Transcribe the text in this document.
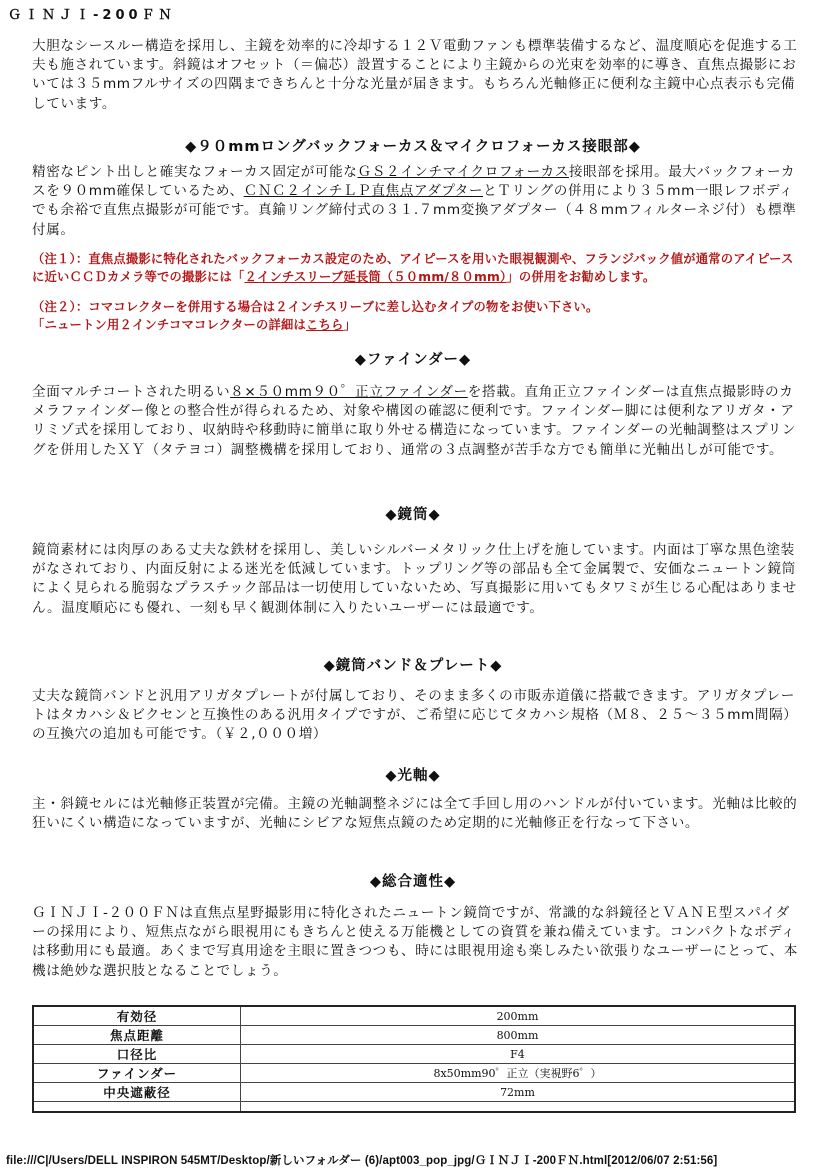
ＧＩＮＪＩ-200ＦＮ
大胆なシースルー構造を採用し、主鏡を効率的に冷却する１２Ｖ電動ファンも標準装備するなど、温度順応を促進する工夫も施されています。斜鏡はオフセット（＝偏芯）設置することにより主鏡からの光束を効率的に導き、直焦点撮影においては３５mmフルサイズの四隅まできちんと十分な光量が届きます。もちろん光軸修正に便利な主鏡中心点表示も完備しています。
◆９０mmロングバックフォーカス＆マイクロフォーカス接眼部◆
精密なピント出しと確実なフォーカス固定が可能なＧＳ２インチマイクロフォーカス接眼部を採用。最大バックフォーカスを９０mm確保しているため、ＣＮＣ２インチＬＰ直焦点アダプターとＴリングの併用により３５mm一眼レフボディでも余裕で直焦点撮影が可能です。真鍮リング締付式の３１.７mm変換アダプター（４８mmフィルターネジ付）も標準付属。
（注１）：直焦点撮影に特化されたバックフォーカス設定のため、アイピースを用いた眼視観測や、フランジバック値が通常のアイピースに近いＣＣＤカメラ等での撮影には「２インチスリーブ延長筒（５０mm/８０mm）」の併用をお勧めします。
（注２）：コマコレクターを併用する場合は２インチスリーブに差し込むタイプの物をお使い下さい。
「ニュートン用２インチコマコレクターの詳細はこちら」
◆ファインダー◆
全面マルチコートされた明るい８×５０mm９０゜正立ファインダーを搭載。直角正立ファインダーは直焦点撮影時のカメラファインダー像との整合性が得られるため、対象や構図の確認に便利です。ファインダー脚には便利なアリガタ・アリミゾ式を採用しており、収納時や移動時に簡単に取り外せる構造になっています。ファインダーの光軸調整はスプリングを併用したＸＹ（タテヨコ）調整機構を採用しており、通常の３点調整が苦手な方でも簡単に光軸出しが可能です。
◆鏡筒◆
鏡筒素材には肉厚のある丈夫な鉄材を採用し、美しいシルバーメタリック仕上げを施しています。内面は丁寧な黒色塗装がなされており、内面反射による迷光を低減しています。トップリング等の部品も全て金属製で、安価なニュートン鏡筒によく見られる脆弱なプラスチック部品は一切使用していないため、写真撮影に用いてもタワミが生じる心配はありません。温度順応にも優れ、一刻も早く観測体制に入りたいユーザーには最適です。
◆鏡筒バンド＆プレート◆
丈夫な鏡筒バンドと汎用アリガタプレートが付属しており、そのまま多くの市販赤道儀に搭載できます。アリガタプレートはタカハシ＆ビクセンと互換性のある汎用タイプですが、ご希望に応じてタカハシ規格（Ｍ８、２５～３５mm間隔）の互換穴の追加も可能です。（￥２,０００増）
◆光軸◆
主・斜鏡セルには光軸修正装置が完備。主鏡の光軸調整ネジには全て手回し用のハンドルが付いています。光軸は比較的狂いにくい構造になっていますが、光軸にシビアな短焦点鏡のため定期的に光軸修正を行なって下さい。
◆総合適性◆
ＧＩＮＪＩ-２００ＦＮは直焦点星野撮影用に特化されたニュートン鏡筒ですが、常識的な斜鏡径とＶＡＮＥ型スパイダーの採用により、短焦点ながら眼視用にもきちんと使える万能機としての資質を兼ね備えています。コンパクトなボディは移動用にも最適。あくまで写真用途を主眼に置きつつも、時には眼視用途も楽しみたい欲張りなユーザーにとって、本機は絶妙な選択肢となることでしょう。
有効径	200mm
焦点距離	800mm
口径比	F4
ファインダー	8x50mm90゜正立（実視野6゜）
中央遮蔽径	72mm

file:///C|/Users/DELL INSPIRON 545MT/Desktop/新しいフォルダー (6)/apt003_pop_jpg/ＧＩＮＪＩ-200ＦＮ.html[2012/06/07 2:51:56]
